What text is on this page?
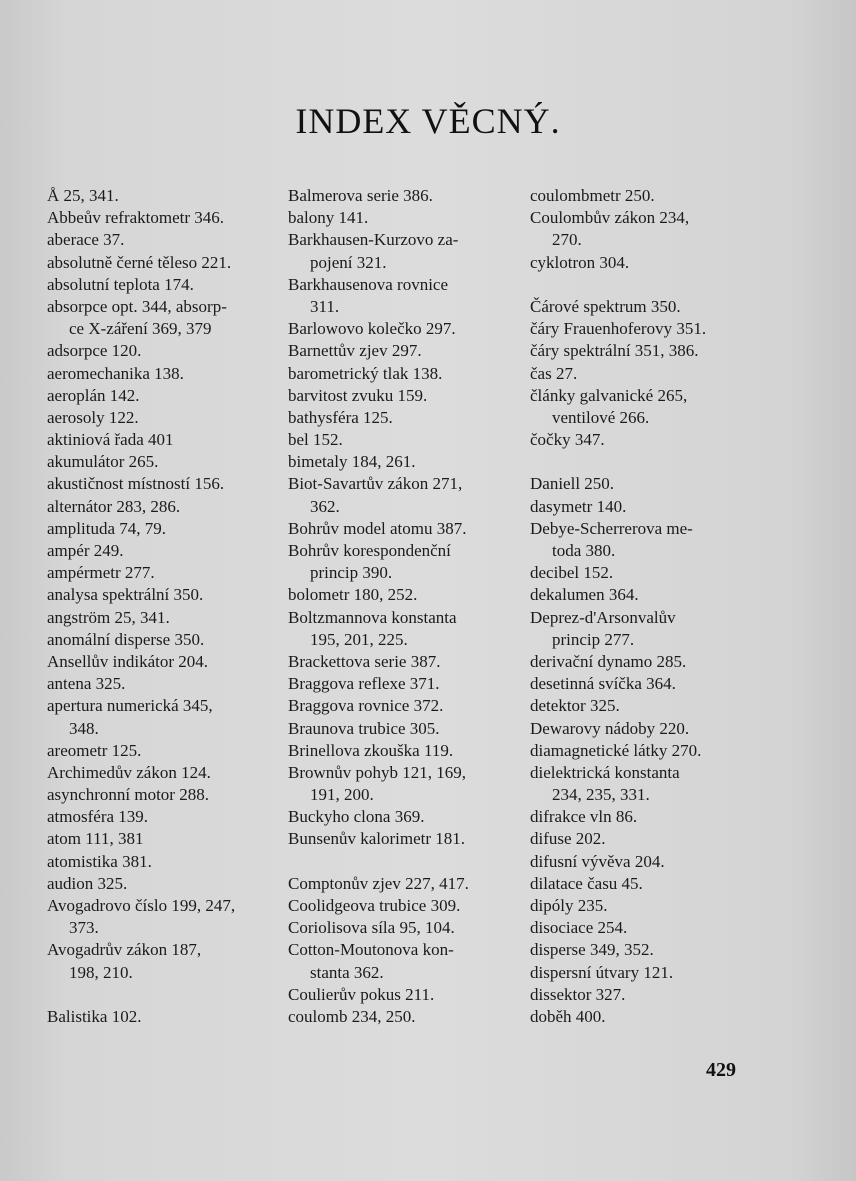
INDEX VĚCNÝ.
Å 25, 341.
Abbeův refraktometr 346.
aberace 37.
absolutně černé těleso 221.
absolutní teplota 174.
absorpce opt. 344, absorp-
ce X-záření 369, 379
adsorpce 120.
aeromechanika 138.
aeroplán 142.
aerosoly 122.
aktiniová řada 401
akumulátor 265.
akustičnost místností 156.
alternátor 283, 286.
amplituda 74, 79.
ampér 249.
ampérmetr 277.
analysa spektrální 350.
angström 25, 341.
anomální disperse 350.
Ansellův indikátor 204.
antena 325.
apertura numerická 345,
348.
areometr 125.
Archimedův zákon 124.
asynchronní motor 288.
atmosféra 139.
atom 111, 381
atomistika 381.
audion 325.
Avogadrovo číslo 199, 247,
373.
Avogadrův zákon 187,
198, 210.
Balistika 102.
Balmerova serie 386.
balony 141.
Barkhausen-Kurzovo za-
pojení 321.
Barkhausenova rovnice
311.
Barlowovo kolečko 297.
Barnettův zjev 297.
barometrický tlak 138.
barvitost zvuku 159.
bathysféra 125.
bel 152.
bimetaly 184, 261.
Biot-Savartův zákon 271,
362.
Bohrův model atomu 387.
Bohrův korespondenční
princip 390.
bolometr 180, 252.
Boltzmannova konstanta
195, 201, 225.
Brackettova serie 387.
Braggova reflexe 371.
Braggova rovnice 372.
Braunova trubice 305.
Brinellova zkouška 119.
Brownův pohyb 121, 169,
191, 200.
Buckyho clona 369.
Bunsenův kalorimetr 181.
Comptonův zjev 227, 417.
Coolidgeova trubice 309.
Coriolisova síla 95, 104.
Cotton-Moutonova kon-
stanta 362.
Coulierův pokus 211.
coulomb 234, 250.
coulombmetr 250.
Coulombův zákon 234,
270.
cyklotron 304.
Čárové spektrum 350.
čáry Frauenhoferovy 351.
čáry spektrální 351, 386.
čas 27.
články galvanické 265,
ventilové 266.
čočky 347.
Daniell 250.
dasymetr 140.
Debye-Scherrerova me-
toda 380.
decibel 152.
dekalumen 364.
Deprez-d'Arsonvalův
princip 277.
derivační dynamo 285.
desetinná svíčka 364.
detektor 325.
Dewarovy nádoby 220.
diamagnetické látky 270.
dielektrická konstanta
234, 235, 331.
difrakce vln 86.
difuse 202.
difusní vývěva 204.
dilatace času 45.
dipóly 235.
disociace 254.
disperse 349, 352.
dispersní útvary 121.
dissektor 327.
doběh 400.
429
